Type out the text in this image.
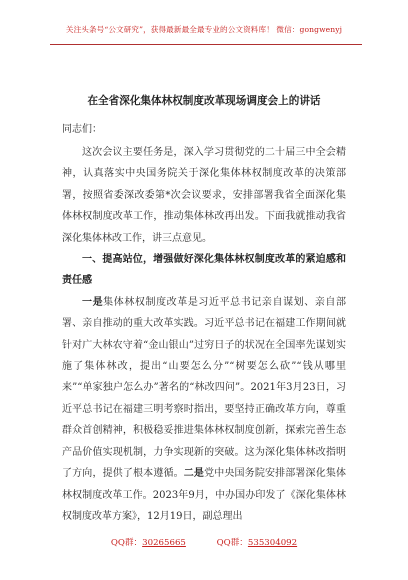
关注头条号“公文研究”，获得最新最全最专业的公文资料库！ 微信：gongwenyj
在全省深化集体林权制度改革现场调度会上的讲话
同志们：

这次会议主要任务是，深入学习贯彻党的二十届三中全会精神，认真落实中央国务院关于深化集体林权制度改革的决策部署，按照省委深改委第*次会议要求，安排部署我省全面深化集体林权制度改革工作，推动集体林改再出发。下面我就推动我省深化集体林改工作，讲三点意见。

一、提高站位，增强做好深化集体林权制度改革的紧迫感和责任感

一是集体林权制度改革是习近平总书记亲自谋划、亲自部署、亲自推动的重大改革实践。习近平总书记在福建工作期间就针对广大林农守着“金山银山”过穷日子的状况在全国率先谋划实施了集体林改，提出“山要怎么分”“树要怎么砍”“钱从哪里来”“单家独户怎么办”著名的“林改四问”。2021年3月23日，习近平总书记在福建三明考察时指出，要坚持正确改革方向，尊重群众首创精神，积极稳妥推进集体林权制度创新，探索完善生态产品价值实现机制，力争实现新的突破。这为深化集体林改指明了方向，提供了根本遵循。二是党中央国务院安排部署深化集体林权制度改革工作。2023年9月，中办国办印发了《深化集体林权制度改革方案》，12月19日，副总理出

QQ群：30265665	QQ群：535304092
